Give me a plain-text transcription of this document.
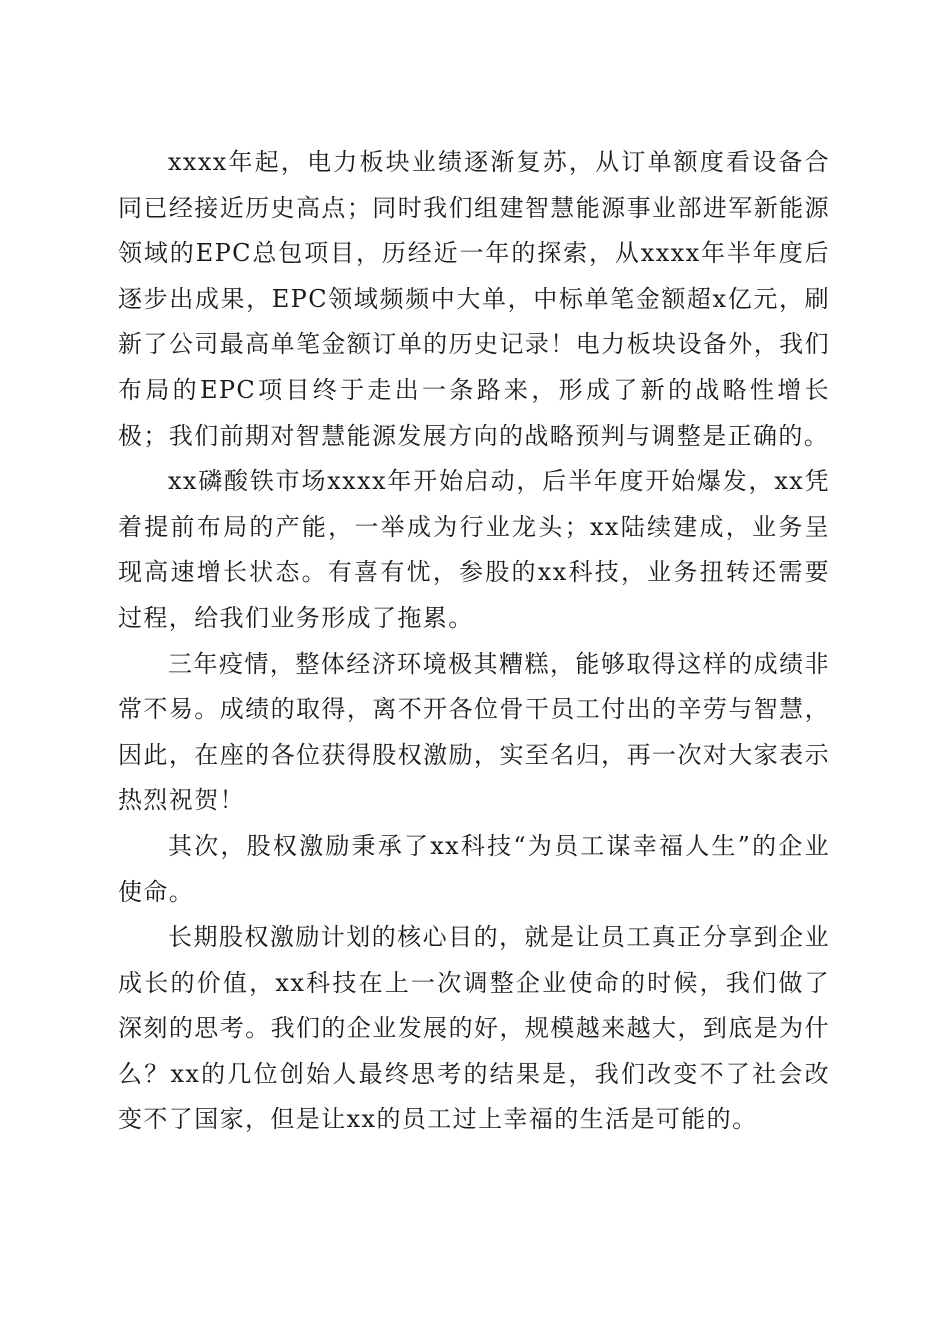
xxxx年起，电力板块业绩逐渐复苏，从订单额度看设备合同已经接近历史高点；同时我们组建智慧能源事业部进军新能源领域的EPC总包项目，历经近一年的探索，从xxxx年半年度后逐步出成果，EPC领域频频中大单，中标单笔金额超x亿元，刷新了公司最高单笔金额订单的历史记录！电力板块设备外，我们布局的EPC项目终于走出一条路来，形成了新的战略性增长极；我们前期对智慧能源发展方向的战略预判与调整是正确的。

xx磷酸铁市场xxxx年开始启动，后半年度开始爆发，xx凭着提前布局的产能，一举成为行业龙头；xx陆续建成，业务呈现高速增长状态。有喜有忧，参股的xx科技，业务扭转还需要过程，给我们业务形成了拖累。

三年疫情，整体经济环境极其糟糕，能够取得这样的成绩非常不易。成绩的取得，离不开各位骨干员工付出的辛劳与智慧，因此，在座的各位获得股权激励，实至名归，再一次对大家表示热烈祝贺！

其次，股权激励秉承了xx科技“为员工谋幸福人生”的企业使命。

长期股权激励计划的核心目的，就是让员工真正分享到企业成长的价值，xx科技在上一次调整企业使命的时候，我们做了深刻的思考。我们的企业发展的好，规模越来越大，到底是为什么？xx的几位创始人最终思考的结果是，我们改变不了社会改变不了国家，但是让xx的员工过上幸福的生活是可能的。
